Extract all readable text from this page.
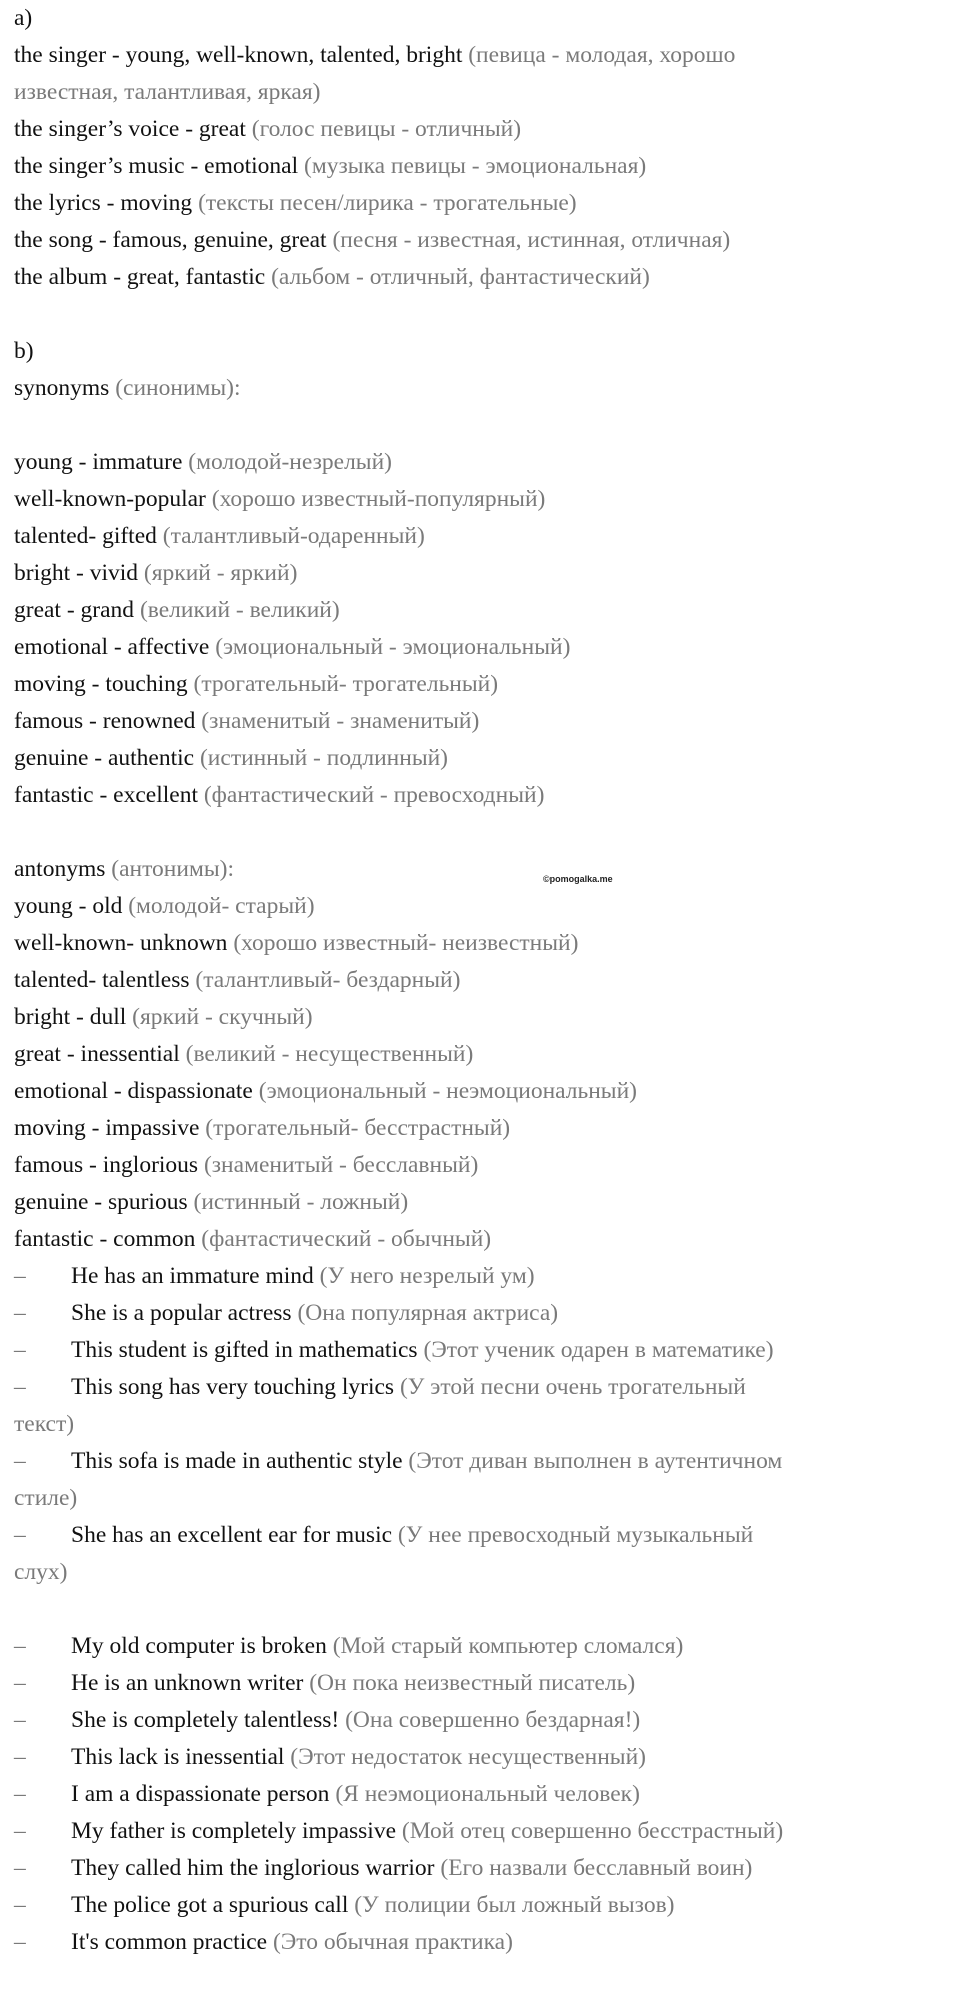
a)
the singer - young, well-known, talented, bright (певица - молодая, хорошо
известная, талантливая, яркая)
the singer’s voice - great (голос певицы - отличный)
the singer’s music - emotional (музыка певицы - эмоциональная)
the lyrics - moving (тексты песен/лирика - трогательные)
the song - famous, genuine, great (песня - известная, истинная, отличная)
the album - great, fantastic (альбом - отличный, фантастический)
b)
synonyms (синонимы):
young - immature (молодой-незрелый)
well-known-popular (хорошо известный-популярный)
talented- gifted (талантливый-одаренный)
bright - vivid (яркий - яркий)
great - grand (великий - великий)
emotional - affective (эмоциональный - эмоциональный)
moving - touching (трогательный- трогательный)
famous - renowned (знаменитый - знаменитый)
genuine - authentic (истинный - подлинный)
fantastic - excellent (фантастический - превосходный)
antonyms (антонимы):
young - old (молодой- старый)
well-known- unknown (хорошо известный- неизвестный)
talented- talentless (талантливый- бездарный)
bright - dull (яркий - скучный)
great - inessential (великий - несущественный)
emotional - dispassionate (эмоциональный - неэмоциональный)
moving - impassive (трогательный- бесстрастный)
famous - inglorious (знаменитый - бесславный)
genuine - spurious (истинный - ложный)
fantastic - common (фантастический - обычный)
– He has an immature mind (У него незрелый ум)
– She is a popular actress (Она популярная актриса)
– This student is gifted in mathematics (Этот ученик одарен в математике)
– This song has very touching lyrics (У этой песни очень трогательный
текст)
– This sofa is made in authentic style (Этот диван выполнен в аутентичном
стиле)
– She has an excellent ear for music (У нее превосходный музыкальный
слух)
– My old computer is broken (Мой старый компьютер сломался)
– He is an unknown writer (Он пока неизвестный писатель)
– She is completely talentless! (Она совершенно бездарная!)
– This lack is inessential (Этот недостаток несущественный)
– I am a dispassionate person (Я неэмоциональный человек)
– My father is completely impassive (Мой отец совершенно бесстрастный)
– They called him the inglorious warrior (Его назвали бесславный воин)
– The police got a spurious call (У полиции был ложный вызов)
– It's common practice (Это обычная практика)
©pomogalka.me
